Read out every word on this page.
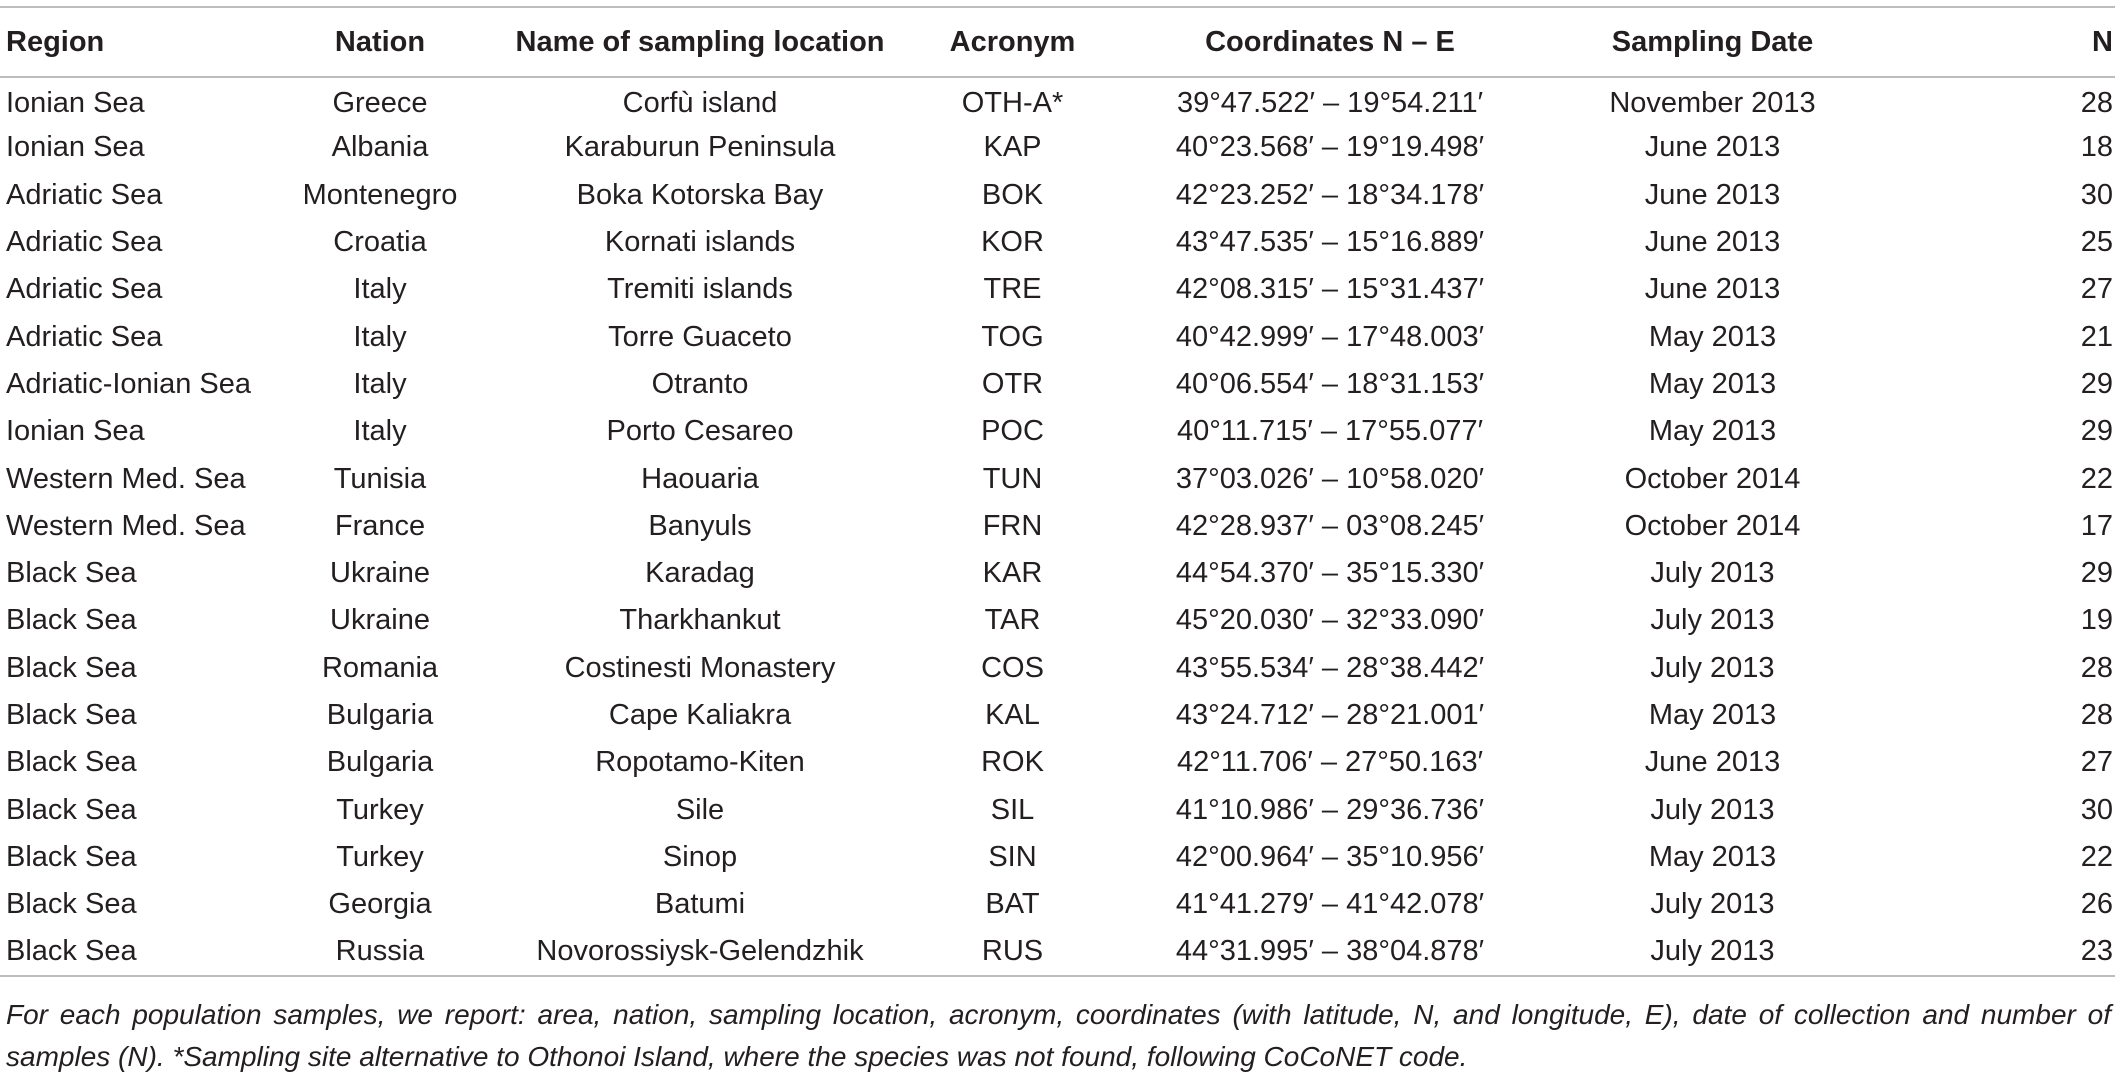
Region	Nation	Name of sampling location	Acronym	Coordinates N – E	Sampling Date	N
Ionian Sea	Greece	Corfù island	OTH-A*	39°47.522′ – 19°54.211′	November 2013	28
Ionian Sea	Albania	Karaburun Peninsula	KAP	40°23.568′ – 19°19.498′	June 2013	18
Adriatic Sea	Montenegro	Boka Kotorska Bay	BOK	42°23.252′ – 18°34.178′	June 2013	30
Adriatic Sea	Croatia	Kornati islands	KOR	43°47.535′ – 15°16.889′	June 2013	25
Adriatic Sea	Italy	Tremiti islands	TRE	42°08.315′ – 15°31.437′	June 2013	27
Adriatic Sea	Italy	Torre Guaceto	TOG	40°42.999′ – 17°48.003′	May 2013	21
Adriatic-Ionian Sea	Italy	Otranto	OTR	40°06.554′ – 18°31.153′	May 2013	29
Ionian Sea	Italy	Porto Cesareo	POC	40°11.715′ – 17°55.077′	May 2013	29
Western Med. Sea	Tunisia	Haouaria	TUN	37°03.026′ – 10°58.020′	October 2014	22
Western Med. Sea	France	Banyuls	FRN	42°28.937′ – 03°08.245′	October 2014	17
Black Sea	Ukraine	Karadag	KAR	44°54.370′ – 35°15.330′	July 2013	29
Black Sea	Ukraine	Tharkhankut	TAR	45°20.030′ – 32°33.090′	July 2013	19
Black Sea	Romania	Costinesti Monastery	COS	43°55.534′ – 28°38.442′	July 2013	28
Black Sea	Bulgaria	Cape Kaliakra	KAL	43°24.712′ – 28°21.001′	May 2013	28
Black Sea	Bulgaria	Ropotamo-Kiten	ROK	42°11.706′ – 27°50.163′	June 2013	27
Black Sea	Turkey	Sile	SIL	41°10.986′ – 29°36.736′	July 2013	30
Black Sea	Turkey	Sinop	SIN	42°00.964′ – 35°10.956′	May 2013	22
Black Sea	Georgia	Batumi	BAT	41°41.279′ – 41°42.078′	July 2013	26
Black Sea	Russia	Novorossiysk-Gelendzhik	RUS	44°31.995′ – 38°04.878′	July 2013	23
For each population samples, we report: area, nation, sampling location, acronym, coordinates (with latitude, N, and longitude, E), date of collection and number of samples (N). *Sampling site alternative to Othonoi Island, where the species was not found, following CoCoNET code.
